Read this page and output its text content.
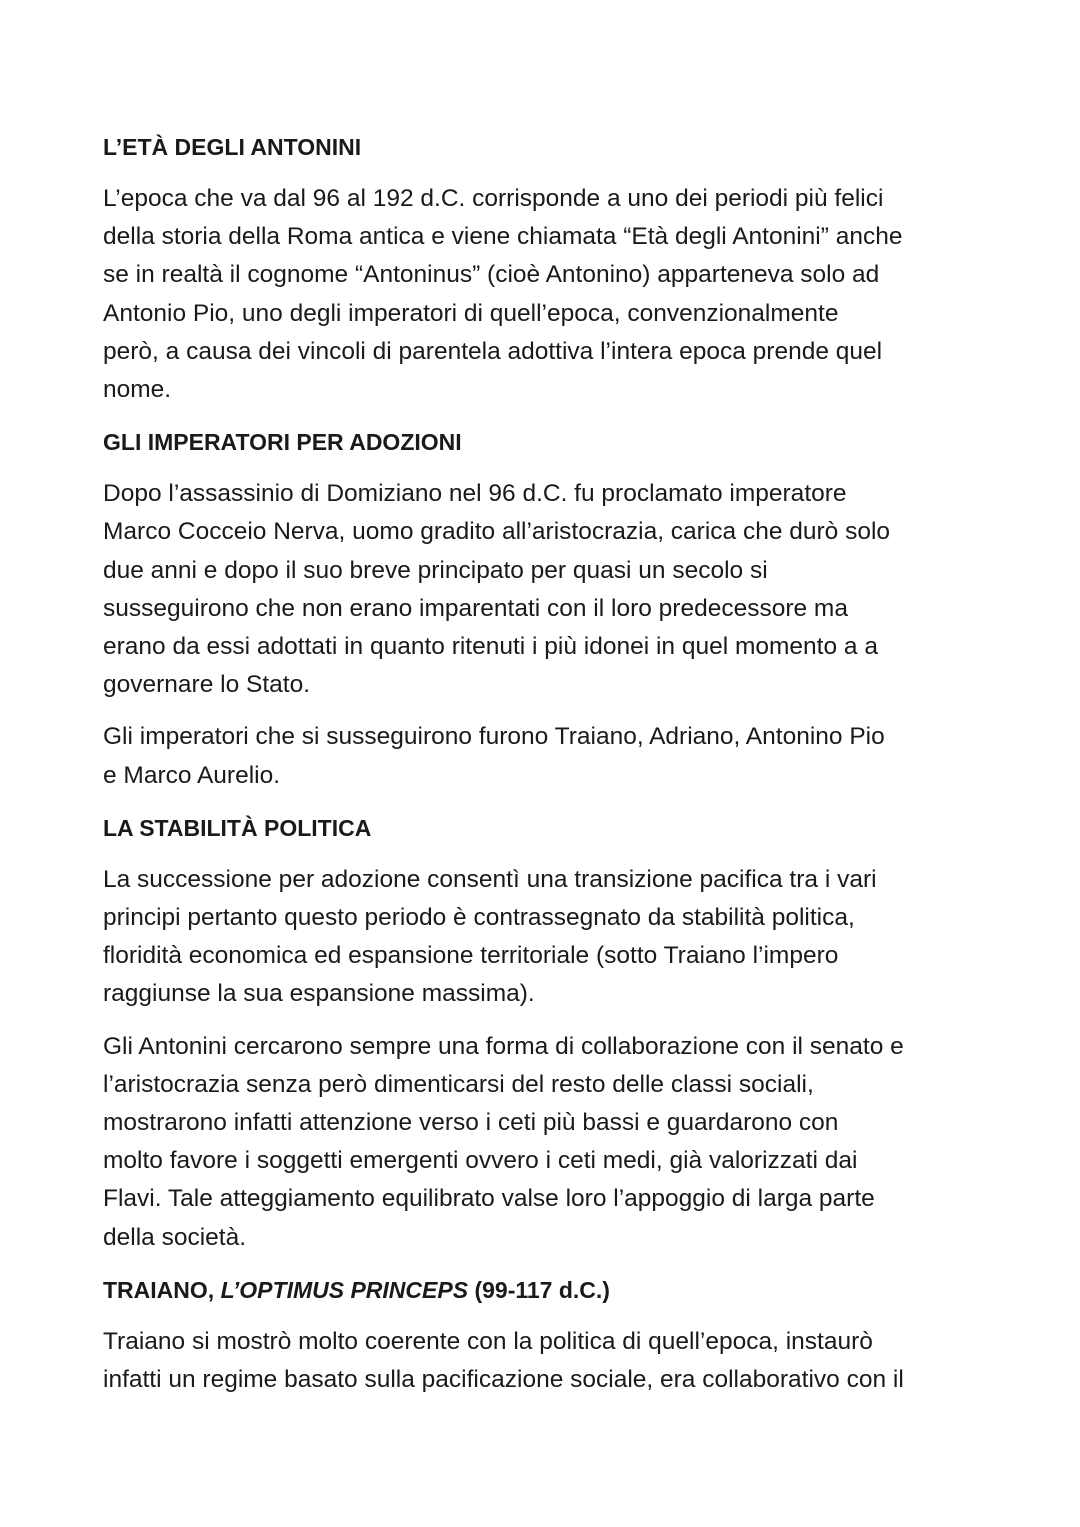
L’ETÀ DEGLI ANTONINI
L’epoca che va dal 96 al 192 d.C. corrisponde a uno dei periodi più felici
della storia della Roma antica e viene chiamata “Età degli Antonini” anche
se in realtà il cognome “Antoninus” (cioè Antonino) apparteneva solo ad
Antonio Pio, uno degli imperatori di quell’epoca, convenzionalmente
però, a causa dei vincoli di parentela adottiva l’intera epoca prende quel
nome.
GLI IMPERATORI PER ADOZIONI
Dopo l’assassinio di Domiziano nel 96 d.C. fu proclamato imperatore
Marco Cocceio Nerva, uomo gradito all’aristocrazia, carica che durò solo
due anni e dopo il suo breve principato per quasi un secolo si
susseguirono che non erano imparentati con il loro predecessore ma
erano da essi adottati in quanto ritenuti i più idonei in quel momento a a
governare lo Stato.
Gli imperatori che si susseguirono furono Traiano, Adriano, Antonino Pio
e Marco Aurelio.
LA STABILITÀ POLITICA
La successione per adozione consentì una transizione pacifica tra i vari
principi pertanto questo periodo è contrassegnato da stabilità politica,
floridità economica ed espansione territoriale (sotto Traiano l’impero
raggiunse la sua espansione massima).
Gli Antonini cercarono sempre una forma di collaborazione con il senato e
l’aristocrazia senza però dimenticarsi del resto delle classi sociali,
mostrarono infatti attenzione verso i ceti più bassi e guardarono con
molto favore i soggetti emergenti ovvero i ceti medi, già valorizzati dai
Flavi. Tale atteggiamento equilibrato valse loro l’appoggio di larga parte
della società.
TRAIANO, L’OPTIMUS PRINCEPS (99-117 d.C.)
Traiano si mostrò molto coerente con la politica di quell’epoca, instaurò
infatti un regime basato sulla pacificazione sociale, era collaborativo con il
